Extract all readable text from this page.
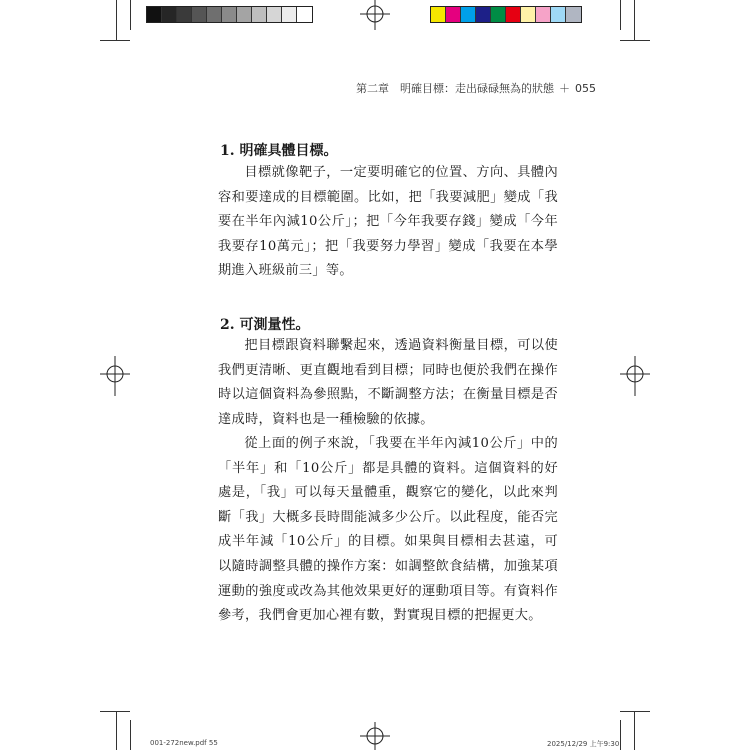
第二章　明確目標：走出碌碌無為的狀態 ＋ 055
1. 明確具體目標。

目標就像靶子，一定要明確它的位置、方向、具體內容和要達成的目標範圍。比如，把「我要減肥」變成「我要在半年內減10公斤」；把「今年我要存錢」變成「今年我要存10萬元」；把「我要努力學習」變成「我要在本學期進入班級前三」等。

2. 可測量性。

把目標跟資料聯繫起來，透過資料衡量目標，可以使我們更清晰、更直觀地看到目標；同時也便於我們在操作時以這個資料為參照點，不斷調整方法；在衡量目標是否達成時，資料也是一種檢驗的依據。

從上面的例子來說，「我要在半年內減10公斤」中的「半年」和「10公斤」都是具體的資料。這個資料的好處是，「我」可以每天量體重，觀察它的變化，以此來判斷「我」大概多長時間能減多少公斤。以此程度，能否完成半年減「10公斤」的目標。如果與目標相去甚遠，可以隨時調整具體的操作方案：如調整飲食結構，加強某項運動的強度或改為其他效果更好的運動項目等。有資料作參考，我們會更加心裡有數，對實現目標的把握更大。

001-272new.pdf 55	2025/12/29 上午9:30
